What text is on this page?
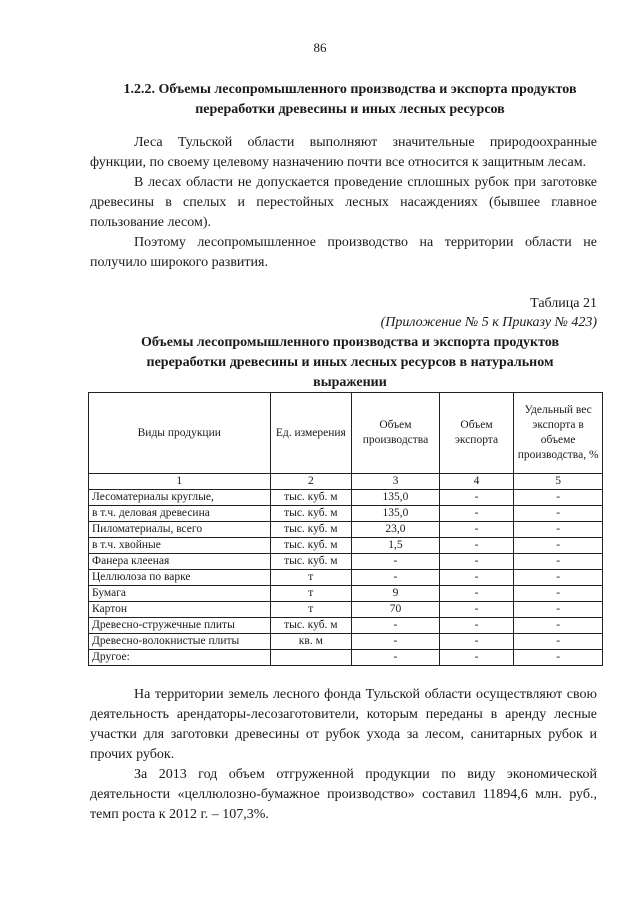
86
1.2.2. Объемы лесопромышленного производства и экспорта продуктов
переработки древесины и иных лесных ресурсов

Леса Тульской области выполняют значительные природоохранные функции, по своему целевому назначению почти все относится к защитным лесам.

В лесах области не допускается проведение сплошных рубок при заготовке древесины в спелых и перестойных лесных насаждениях (бывшее главное пользование лесом).

Поэтому лесопромышленное производство на территории области не получило широкого развития.

Таблица 21
(Приложение № 5 к Приказу № 423)
Объемы лесопромышленного производства и экспорта продуктов
переработки древесины и иных лесных ресурсов в натуральном
выражении
Виды продукции	Ед. измерения	Объем производства	Объем экспорта	Удельный вес экспорта в объеме производства, %
1	2	3	4	5
Лесоматериалы круглые,	тыс. куб. м	135,0	-	-
в т.ч. деловая древесина	тыс. куб. м	135,0	-	-
Пиломатериалы, всего	тыс. куб. м	23,0	-	-
в т.ч. хвойные	тыс. куб. м	1,5	-	-
Фанера клееная	тыс. куб. м	-	-	-
Целлюлоза по варке	т	-	-	-
Бумага	т	9	-	-
Картон	т	70	-	-
Древесно-стружечные плиты	тыс. куб. м	-	-	-
Древесно-волокнистые плиты	кв. м	-	-	-
Другое:		-	-	-

На территории земель лесного фонда Тульской области осуществляют свою деятельность арендаторы-лесозаготовители, которым переданы в аренду лесные участки для заготовки древесины от рубок ухода за лесом, санитарных рубок и прочих рубок.

За 2013 год объем отгруженной продукции по виду экономической деятельности «целлюлозно-бумажное производство» составил 11894,6 млн. руб., темп роста к 2012 г. – 107,3%.
